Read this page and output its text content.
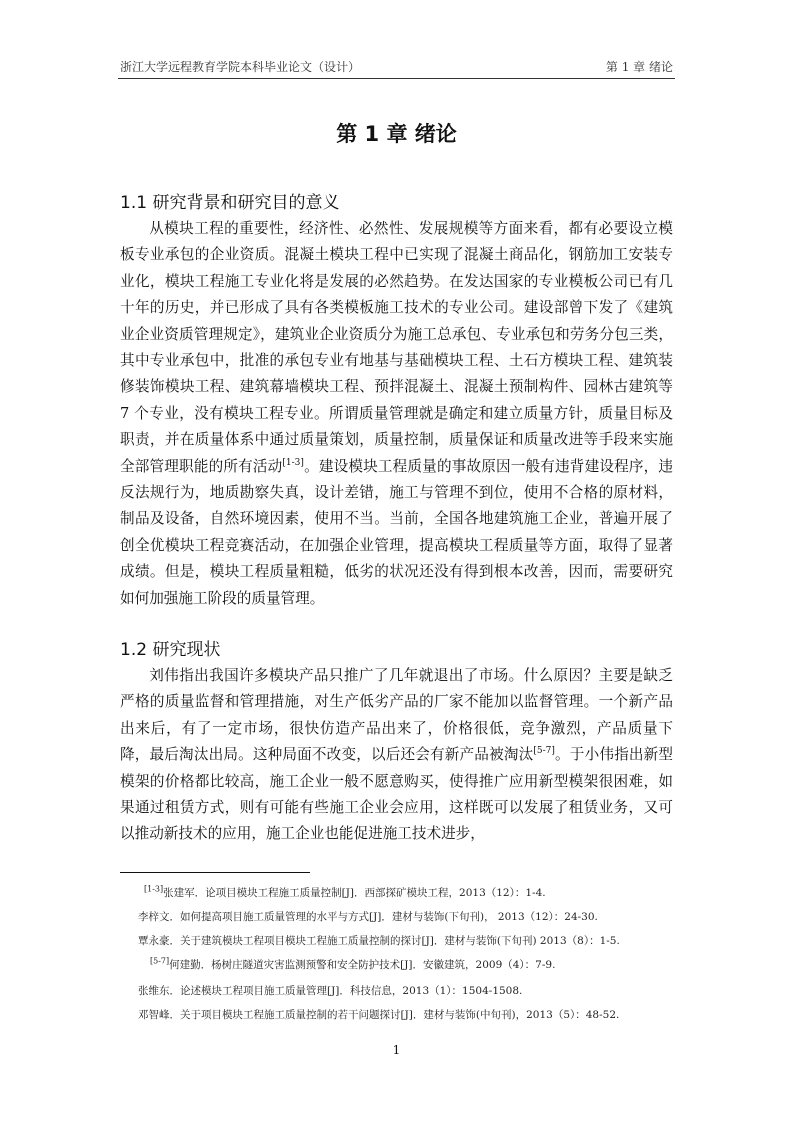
浙江大学远程教育学院本科毕业论文（设计）	第 1 章 绪论
第 1 章 绪论
1.1 研究背景和研究目的意义

从模块工程的重要性，经济性、必然性、发展规模等方面来看，都有必要设立模板专业承包的企业资质。混凝土模块工程中已实现了混凝土商品化，钢筋加工安装专业化，模块工程施工专业化将是发展的必然趋势。在发达国家的专业模板公司已有几十年的历史，并已形成了具有各类模板施工技术的专业公司。建设部曾下发了《建筑业企业资质管理规定》，建筑业企业资质分为施工总承包、专业承包和劳务分包三类，其中专业承包中，批准的承包专业有地基与基础模块工程、土石方模块工程、建筑装修装饰模块工程、建筑幕墙模块工程、预拌混凝土、混凝土预制构件、园林古建筑等 7 个专业，没有模块工程专业。所谓质量管理就是确定和建立质量方针，质量目标及职责，并在质量体系中通过质量策划，质量控制，质量保证和质量改进等手段来实施全部管理职能的所有活动[1-3]。建设模块工程质量的事故原因一般有违背建设程序，违反法规行为，地质勘察失真，设计差错，施工与管理不到位，使用不合格的原材料，制品及设备，自然环境因素，使用不当。当前，全国各地建筑施工企业，普遍开展了创全优模块工程竞赛活动，在加强企业管理，提高模块工程质量等方面，取得了显著成绩。但是，模块工程质量粗糙，低劣的状况还没有得到根本改善，因而，需要研究如何加强施工阶段的质量管理。

1.2 研究现状

刘伟指出我国许多模块产品只推广了几年就退出了市场。什么原因？主要是缺乏严格的质量监督和管理措施，对生产低劣产品的厂家不能加以监督管理。一个新产品出来后，有了一定市场，很快仿造产品出来了，价格很低，竞争激烈，产品质量下降，最后淘汰出局。这种局面不改变，以后还会有新产品被淘汰[5-7]。于小伟指出新型模架的价格都比较高，施工企业一般不愿意购买，使得推广应用新型模架很困难，如果通过租赁方式，则有可能有些施工企业会应用，这样既可以发展了租赁业务，又可以推动新技术的应用，施工企业也能促进施工技术进步，

[1-3]张建军．论项目模块工程施工质量控制[J]．西部探矿模块工程，2013（12）：1-4.
李梓文．如何提高项目施工质量管理的水平与方式[J]．建材与装饰(下旬刊)， 2013（12）：24-30.
覃永豪．关于建筑模块工程项目模块工程施工质量控制的探讨[J]．建材与装饰(下旬刊) 2013（8）：1-5.
[5-7]何建勤．杨树庄隧道灾害监测预警和安全防护技术[J]．安徽建筑，2009（4）：7-9.
张维东．论述模块工程项目施工质量管理[J]．科技信息，2013（1）：1504-1508.
邓智峰．关于项目模块工程施工质量控制的若干问题探讨[J]．建材与装饰(中旬刊)，2013（5）：48-52.
1
